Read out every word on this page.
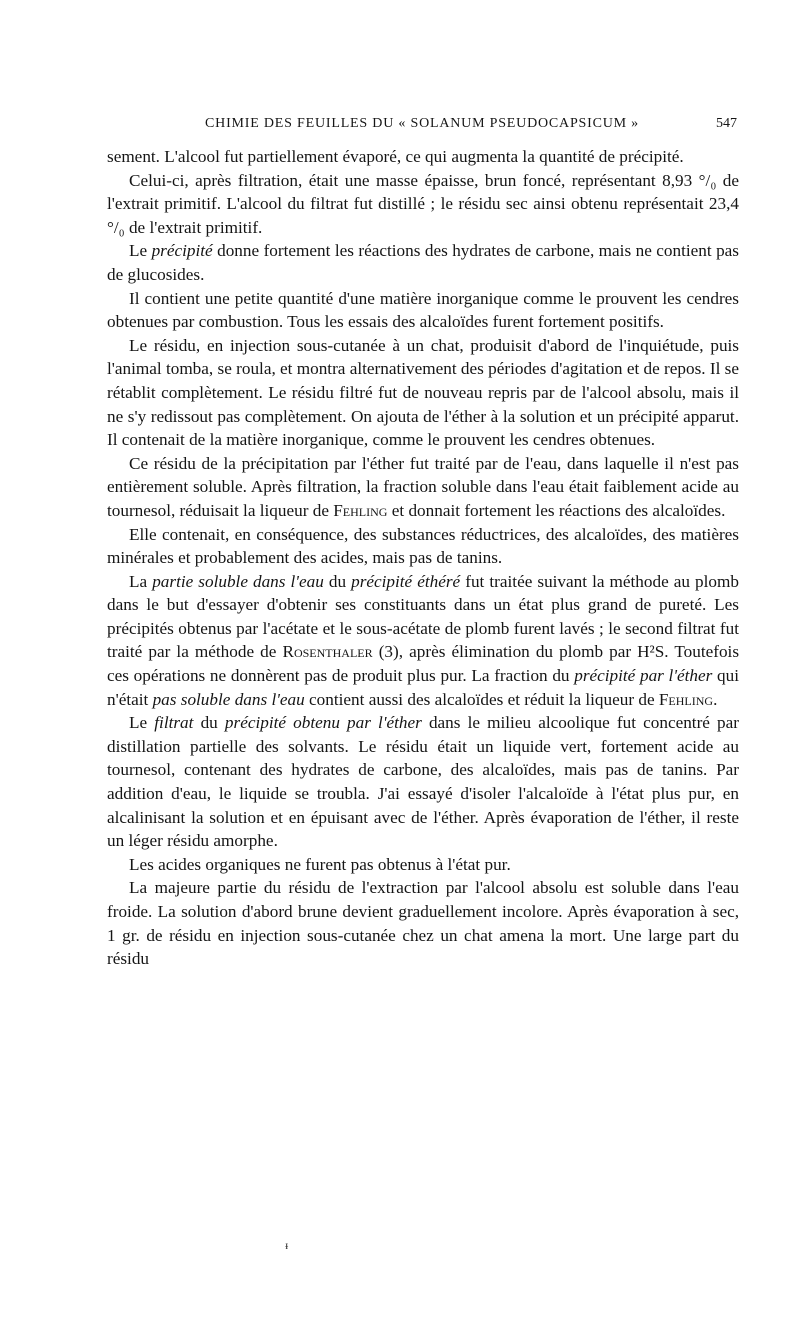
CHIMIE DES FEUILLES DU « SOLANUM PSEUDOCAPSICUM »	547

sement. L'alcool fut partiellement évaporé, ce qui augmenta la quantité de précipité.

Celui-ci, après filtration, était une masse épaisse, brun foncé, représentant 8,93 °/₀ de l'extrait primitif. L'alcool du filtrat fut distillé ; le résidu sec ainsi obtenu représentait 23,4 °/₀ de l'extrait primitif.

Le précipité donne fortement les réactions des hydrates de carbone, mais ne contient pas de glucosides.

Il contient une petite quantité d'une matière inorganique comme le prouvent les cendres obtenues par combustion. Tous les essais des alcaloïdes furent fortement positifs.

Le résidu, en injection sous-cutanée à un chat, produisit d'abord de l'inquiétude, puis l'animal tomba, se roula, et montra alternativement des périodes d'agitation et de repos. Il se rétablit complètement. Le résidu filtré fut de nouveau repris par de l'alcool absolu, mais il ne s'y redissout pas complètement. On ajouta de l'éther à la solution et un précipité apparut. Il contenait de la matière inorganique, comme le prouvent les cendres obtenues.

Ce résidu de la précipitation par l'éther fut traité par de l'eau, dans laquelle il n'est pas entièrement soluble. Après filtration, la fraction soluble dans l'eau était faiblement acide au tournesol, réduisait la liqueur de Fehling et donnait fortement les réactions des alcaloïdes.

Elle contenait, en conséquence, des substances réductrices, des alcaloïdes, des matières minérales et probablement des acides, mais pas de tanins.

La partie soluble dans l'eau du précipité éthéré fut traitée suivant la méthode au plomb dans le but d'essayer d'obtenir ses constituants dans un état plus grand de pureté. Les précipités obtenus par l'acétate et le sous-acétate de plomb furent lavés ; le second filtrat fut traité par la méthode de Rosenthaler (3), après élimination du plomb par H²S. Toutefois ces opérations ne donnèrent pas de produit plus pur. La fraction du précipité par l'éther qui n'était pas soluble dans l'eau contient aussi des alcaloïdes et réduit la liqueur de Fehling.

Le filtrat du précipité obtenu par l'éther dans le milieu alcoolique fut concentré par distillation partielle des solvants. Le résidu était un liquide vert, fortement acide au tournesol, contenant des hydrates de carbone, des alcaloïdes, mais pas de tanins. Par addition d'eau, le liquide se troubla. J'ai essayé d'isoler l'alcaloïde à l'état plus pur, en alcalinisant la solution et en épuisant avec de l'éther. Après évaporation de l'éther, il reste un léger résidu amorphe.

Les acides organiques ne furent pas obtenus à l'état pur.

La majeure partie du résidu de l'extraction par l'alcool absolu est soluble dans l'eau froide. La solution d'abord brune devient graduellement incolore. Après évaporation à sec, 1 gr. de résidu en injection sous-cutanée chez un chat amena la mort. Une large part du résidu

ᵻ
